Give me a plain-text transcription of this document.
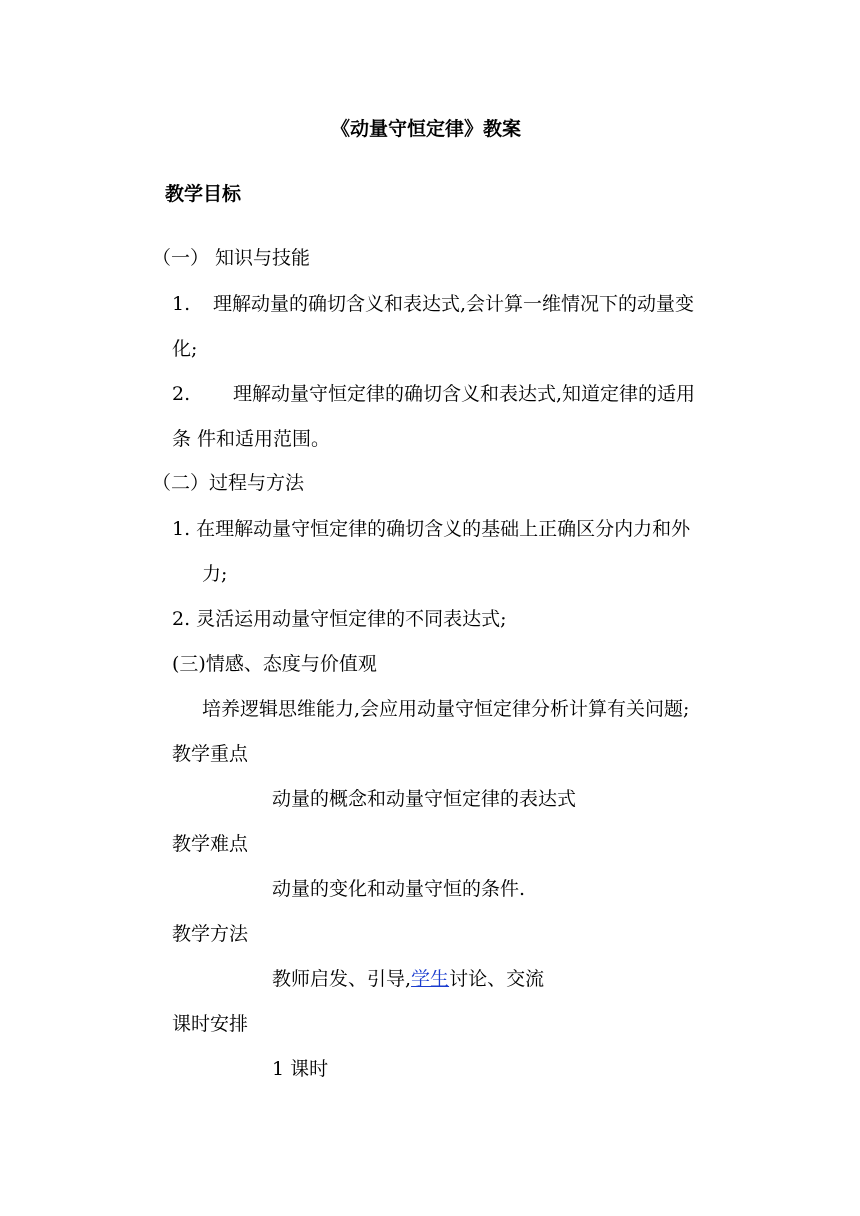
《动量守恒定律》教案
教学目标
（一） 知识与技能
1. 理解动量的确切含义和表达式,会计算一维情况下的动量变
化;
2. 理解动量守恒定律的确切含义和表达式,知道定律的适用
条 件和适用范围。
（二）过程与方法
1. 在理解动量守恒定律的确切含义的基础上正确区分内力和外
力;
2. 灵活运用动量守恒定律的不同表达式;
(三)情感、态度与价值观
培养逻辑思维能力,会应用动量守恒定律分析计算有关问题;
教学重点
动量的概念和动量守恒定律的表达式
教学难点
动量的变化和动量守恒的条件.
教学方法
教师启发、引导,学生讨论、交流
课时安排
1 课时
